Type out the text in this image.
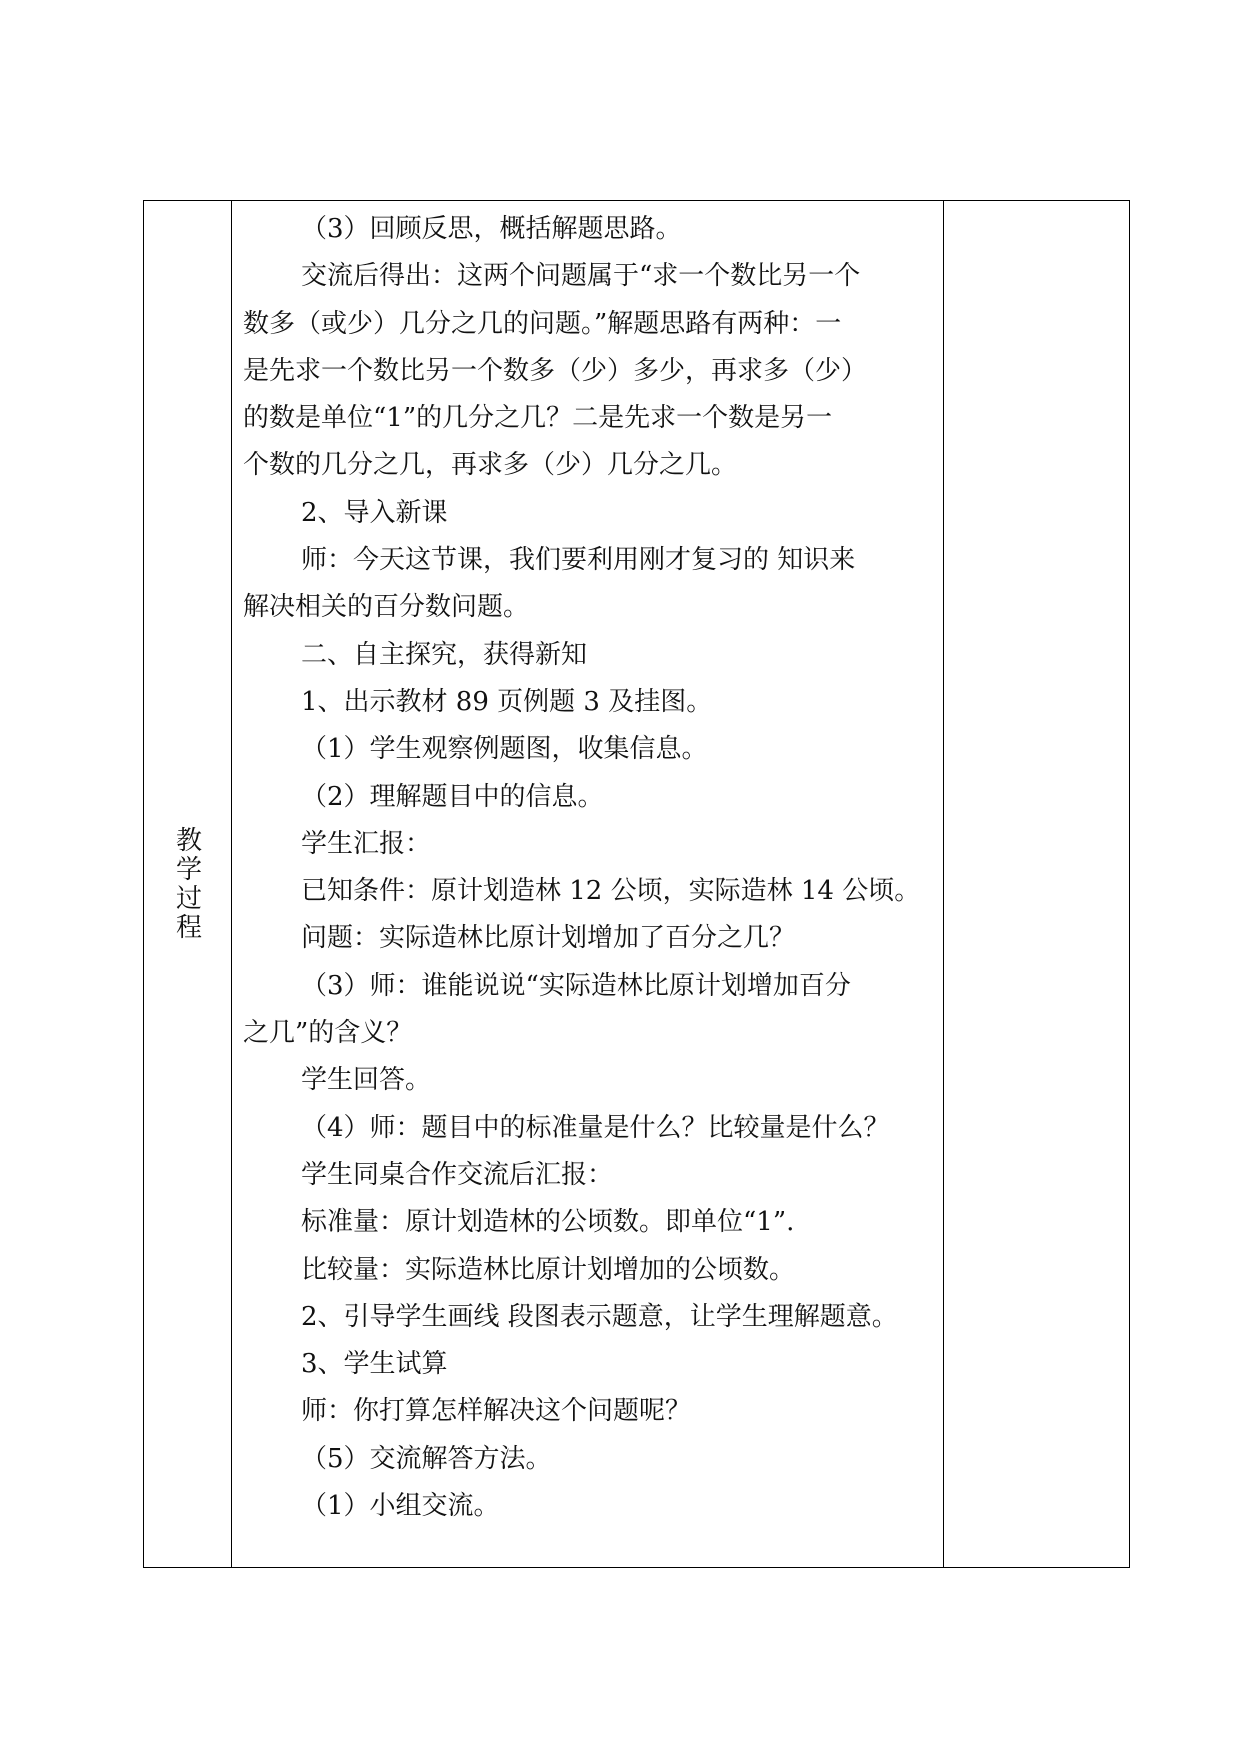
教学过程
（3）回顾反思，概括解题思路。
交流后得出：这两个问题属于“求一个数比另一个
数多（或少）几分之几的问题。”解题思路有两种：一
是先求一个数比另一个数多（少）多少，再求多（少）
的数是单位“1”的几分之几？二是先求一个数是另一
个数的几分之几，再求多（少）几分之几。
2、导入新课
师：今天这节课，我们要利用刚才复习的 知识来
解决相关的百分数问题。
二、自主探究，获得新知
1、出示教材 89 页例题 3 及挂图。
（1）学生观察例题图，收集信息。
（2）理解题目中的信息。
学生汇报：
已知条件：原计划造林 12 公顷，实际造林 14 公顷。
问题：实际造林比原计划增加了百分之几？
（3）师：谁能说说“实际造林比原计划增加百分
之几”的含义？
学生回答。
（4）师：题目中的标准量是什么？比较量是什么？
学生同桌合作交流后汇报：
标准量：原计划造林的公顷数。即单位“1”.
比较量：实际造林比原计划增加的公顷数。
2、引导学生画线 段图表示题意，让学生理解题意。
3、学生试算
师：你打算怎样解决这个问题呢？
（5）交流解答方法。
（1）小组交流。
